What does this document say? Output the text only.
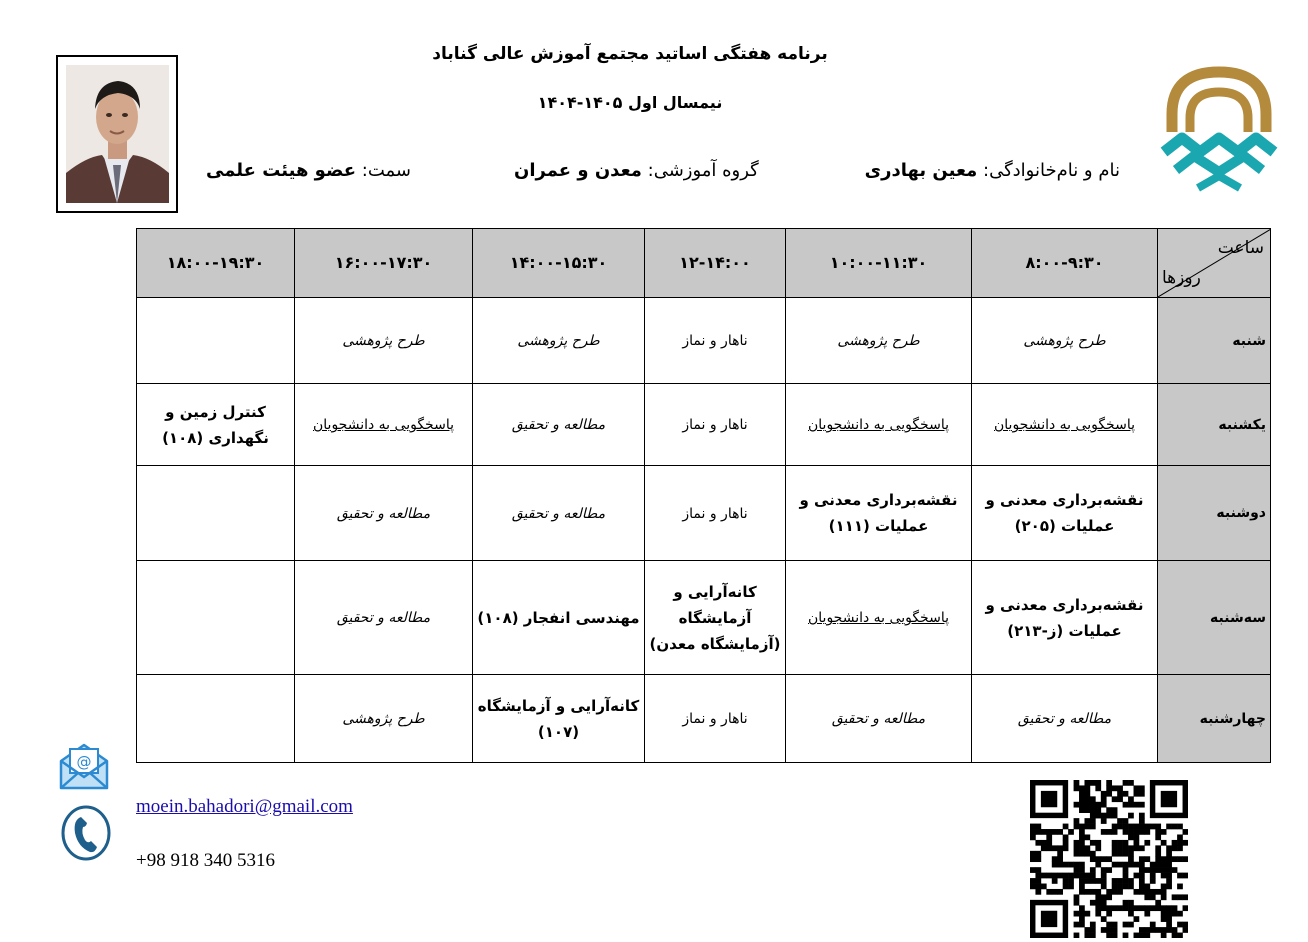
برنامه هفتگی اساتید مجتمع آموزش عالی گناباد
نیمسال اول ۱۴۰۵-۱۴۰۴
نام و نام‌خانوادگی: معین بهادری
گروه آموزشی: معدن و عمران
سمت: عضو هیئت علمی
ساعت
روزها	۸:۰۰-۹:۳۰	۱۰:۰۰-۱۱:۳۰	۱۲-۱۴:۰۰	۱۴:۰۰-۱۵:۳۰	۱۶:۰۰-۱۷:۳۰	۱۸:۰۰-۱۹:۳۰
شنبه	طرح پژوهشی	طرح پژوهشی	ناهار و نماز	طرح پژوهشی	طرح پژوهشی	
یکشنبه	پاسخگویی به دانشجویان	پاسخگویی به دانشجویان	ناهار و نماز	مطالعه و تحقیق	پاسخگویی به دانشجویان	کنترل زمین و نگهداری (۱۰۸)
دوشنبه	نقشه‌برداری معدنی و عملیات (۲۰۵)	نقشه‌برداری معدنی و عملیات (۱۱۱)	ناهار و نماز	مطالعه و تحقیق	مطالعه و تحقیق	
سه‌شنبه	نقشه‌برداری معدنی و عملیات (ز-۲۱۳)	پاسخگویی به دانشجویان	کانه‌آرایی و آزمایشگاه (آزمایشگاه معدن)	مهندسی انفجار (۱۰۸)	مطالعه و تحقیق	
چهارشنبه	مطالعه و تحقیق	مطالعه و تحقیق	ناهار و نماز	کانه‌آرایی و آزمایشگاه (۱۰۷)	طرح پژوهشی	
@
moein.bahadori@gmail.com
+98 918 340 5316
